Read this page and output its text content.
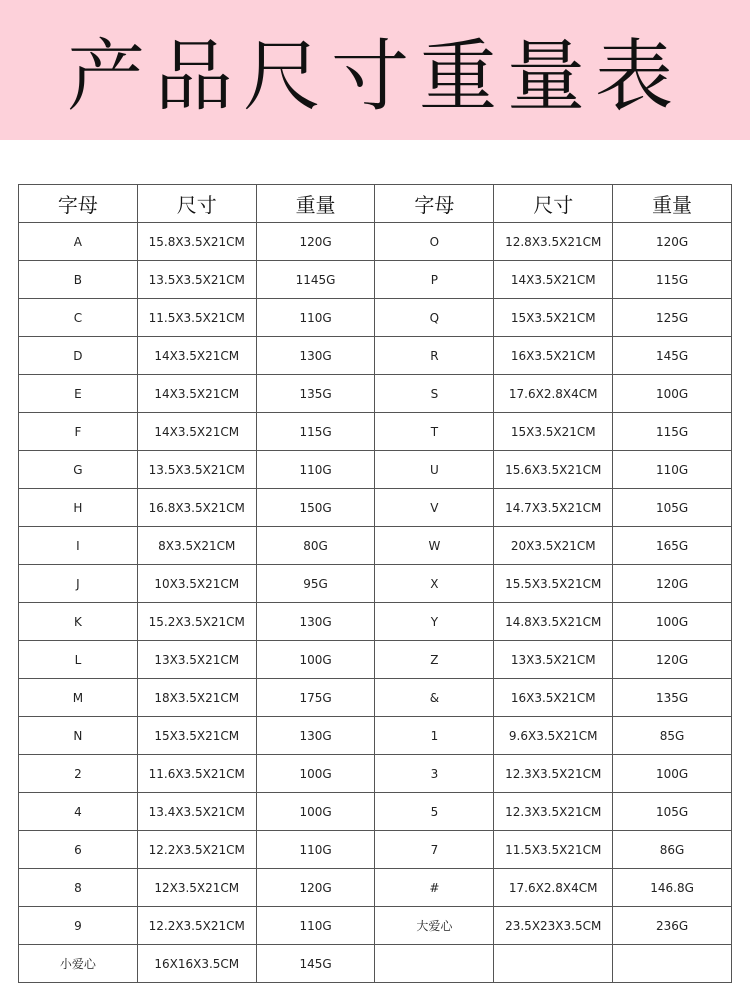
产品尺寸重量表
字母	尺寸	重量	字母	尺寸	重量
A	15.8X3.5X21CM	120G	O	12.8X3.5X21CM	120G
B	13.5X3.5X21CM	1145G	P	14X3.5X21CM	115G
C	11.5X3.5X21CM	110G	Q	15X3.5X21CM	125G
D	14X3.5X21CM	130G	R	16X3.5X21CM	145G
E	14X3.5X21CM	135G	S	17.6X2.8X4CM	100G
F	14X3.5X21CM	115G	T	15X3.5X21CM	115G
G	13.5X3.5X21CM	110G	U	15.6X3.5X21CM	110G
H	16.8X3.5X21CM	150G	V	14.7X3.5X21CM	105G
I	8X3.5X21CM	80G	W	20X3.5X21CM	165G
J	10X3.5X21CM	95G	X	15.5X3.5X21CM	120G
K	15.2X3.5X21CM	130G	Y	14.8X3.5X21CM	100G
L	13X3.5X21CM	100G	Z	13X3.5X21CM	120G
M	18X3.5X21CM	175G	&	16X3.5X21CM	135G
N	15X3.5X21CM	130G	1	9.6X3.5X21CM	85G
2	11.6X3.5X21CM	100G	3	12.3X3.5X21CM	100G
4	13.4X3.5X21CM	100G	5	12.3X3.5X21CM	105G
6	12.2X3.5X21CM	110G	7	11.5X3.5X21CM	86G
8	12X3.5X21CM	120G	#	17.6X2.8X4CM	146.8G
9	12.2X3.5X21CM	110G	大爱心	23.5X23X3.5CM	236G
小爱心	16X16X3.5CM	145G			
